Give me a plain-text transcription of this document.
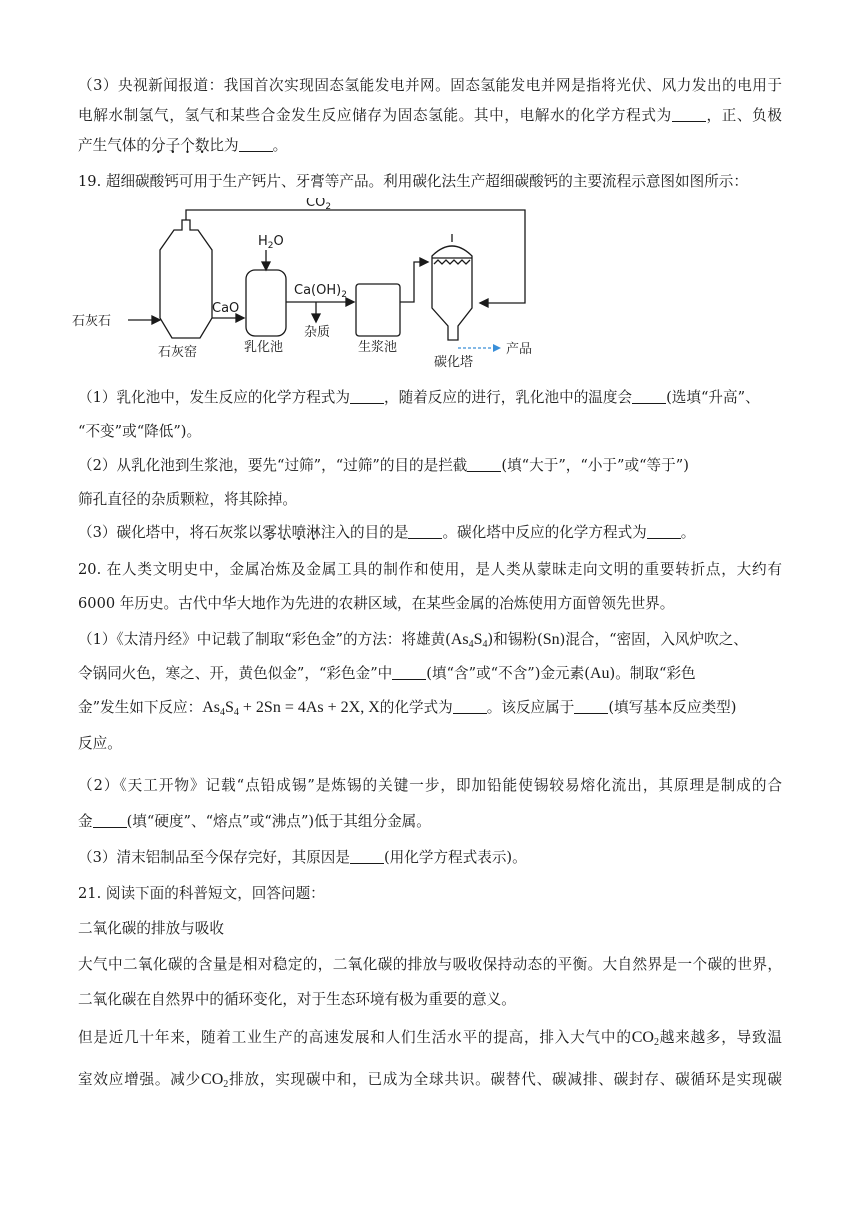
（3）央视新闻报道：我国首次实现固态氢能发电并网。固态氢能发电并网是指将光伏、风力发出的电用于
电解水制氢气，氢气和某些合金发生反应储存为固态氢能。其中，电解水的化学方程式为 ，正、负极
产生气体的分子个数比为 。
19. 超细碳酸钙可用于生产钙片、牙膏等产品。利用碳化法生产超细碳酸钙的主要流程示意图如图所示：
$CO_2$
$H_2O$
CaO
$Ca(OH)_2$
石灰石
石灰窑	乳化池
杂质
生浆池
碳化塔
产品
（1）乳化池中，发生反应的化学方程式为 ，随着反应的进行，乳化池中的温度会 (选填“升高”、
“不变”或“降低”)。
（2）从乳化池到生浆池，要先“过筛”，“过筛”的目的是拦截 (填“大于”，“小于”或“等于”)
筛孔直径的杂质颗粒，将其除掉。
（3）碳化塔中，将石灰浆以雾状喷淋注入的目的是 。碳化塔中反应的化学方程式为 。
20. 在人类文明史中，金属冶炼及金属工具的制作和使用，是人类从蒙昧走向文明的重要转折点，大约有
6000 年历史。古代中华大地作为先进的农耕区域，在某些金属的冶炼使用方面曾领先世界。
（1）《太清丹经》中记载了制取“彩色金”的方法：将雄黄$(As_4S_4)$和锡粉(Sn)混合，“密固，入风炉吹之、
令锅同火色，寒之、开，黄色似金”，“彩色金”中 (填“含”或“不含”)金元素(Au)。制取“彩色
金”发生如下反应：$As_4S_4 + 2Sn = 4As + 2X$, X的化学式为 。该反应属于 (填写基本反应类型)
反应。
（2）《天工开物》记载“点铅成锡”是炼锡的关键一步，即加铅能使锡较易熔化流出，其原理是制成的合
金 (填“硬度”、“熔点”或“沸点”)低于其组分金属。
（3）清末铝制品至今保存完好，其原因是 (用化学方程式表示)。
21. 阅读下面的科普短文，回答问题：
二氧化碳的排放与吸收
大气中二氧化碳的含量是相对稳定的，二氧化碳的排放与吸收保持动态的平衡。大自然界是一个碳的世界，
二氧化碳在自然界中的循环变化，对于生态环境有极为重要的意义。
但是近几十年来，随着工业生产的高速发展和人们生活水平的提高，排入大气中的$CO_2$越来越多，导致温
室效应增强。减少$CO_2$排放，实现碳中和，已成为全球共识。碳替代、碳减排、碳封存、碳循环是实现碳
